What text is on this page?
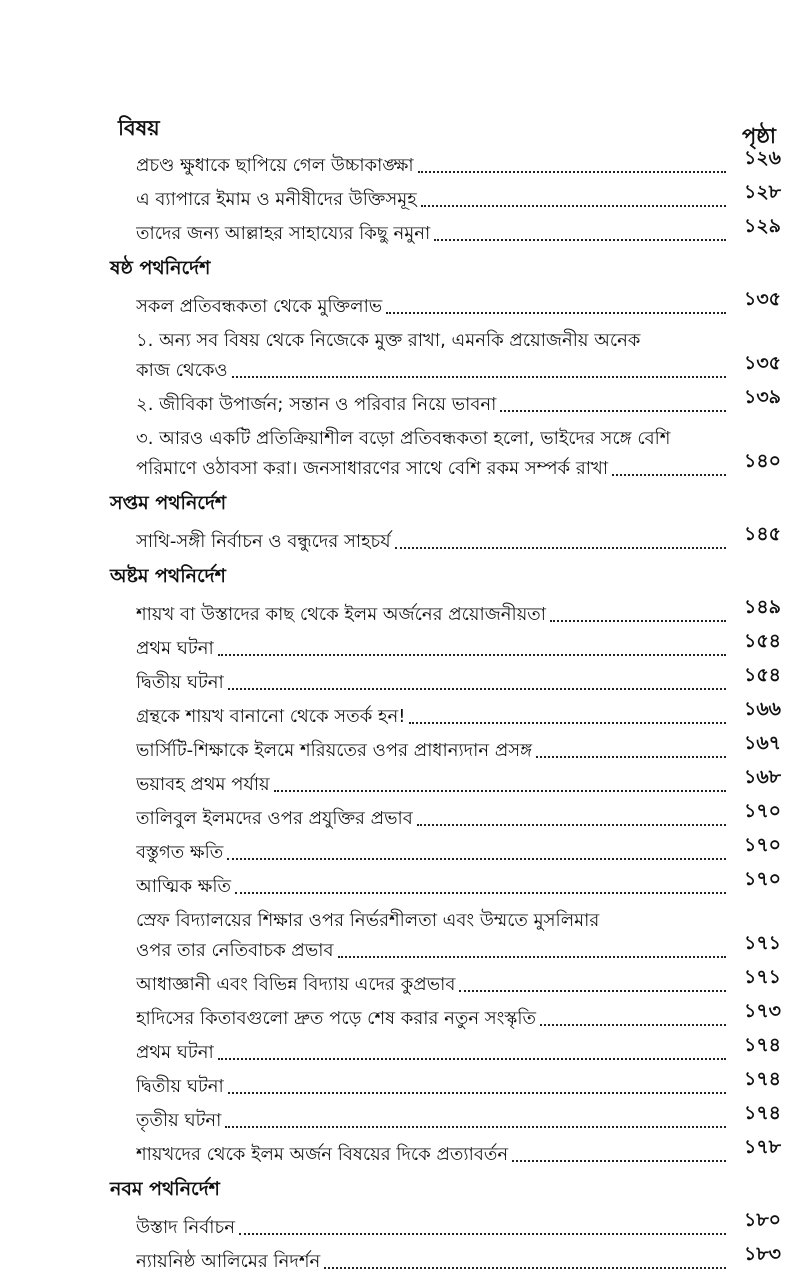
বিষয়	পৃষ্ঠা
প্রচণ্ড ক্ষুধাকে ছাপিয়ে গেল উচ্চাকাঙ্ক্ষা	১২৬
এ ব্যাপারে ইমাম ও মনীষীদের উক্তিসমূহ	১২৮
তাদের জন্য আল্লাহর সাহায্যের কিছু নমুনা	১২৯
ষষ্ঠ পথনির্দেশ
সকল প্রতিবন্ধকতা থেকে মুক্তিলাভ	১৩৫
১. অন্য সব বিষয় থেকে নিজেকে মুক্ত রাখা, এমনকি প্রয়োজনীয় অনেক
কাজ থেকেও	১৩৫
২. জীবিকা উপার্জন; সন্তান ও পরিবার নিয়ে ভাবনা	১৩৯
৩. আরও একটি প্রতিক্রিয়াশীল বড়ো প্রতিবন্ধকতা হলো, ভাইদের সঙ্গে বেশি
পরিমাণে ওঠাবসা করা। জনসাধারণের সাথে বেশি রকম সম্পর্ক রাখা	১৪০
সপ্তম পথনির্দেশ
সাথি-সঙ্গী নির্বাচন ও বন্ধুদের সাহচর্য	১৪৫
অষ্টম পথনির্দেশ
শায়খ বা উস্তাদের কাছ থেকে ইলম অর্জনের প্রয়োজনীয়তা	১৪৯
প্রথম ঘটনা	১৫৪
দ্বিতীয় ঘটনা	১৫৪
গ্রন্থকে শায়খ বানানো থেকে সতর্ক হন!	১৬৬
ভার্সিটি-শিক্ষাকে ইলমে শরিয়তের ওপর প্রাধান্যদান প্রসঙ্গ	১৬৭
ভয়াবহ প্রথম পর্যায়	১৬৮
তালিবুল ইলমদের ওপর প্রযুক্তির প্রভাব	১৭০
বস্তুগত ক্ষতি	১৭০
আত্মিক ক্ষতি	১৭০
স্রেফ বিদ্যালয়ের শিক্ষার ওপর নির্ভরশীলতা এবং উম্মতে মুসলিমার
ওপর তার নেতিবাচক প্রভাব	১৭১
আধাজ্ঞানী এবং বিভিন্ন বিদ্যায় এদের কুপ্রভাব	১৭১
হাদিসের কিতাবগুলো দ্রুত পড়ে শেষ করার নতুন সংস্কৃতি	১৭৩
প্রথম ঘটনা	১৭৪
দ্বিতীয় ঘটনা	১৭৪
তৃতীয় ঘটনা	১৭৪
শায়খদের থেকে ইলম অর্জন বিষয়ের দিকে প্রত্যাবর্তন	১৭৮
নবম পথনির্দেশ
উস্তাদ নির্বাচন	১৮০
ন্যায়নিষ্ঠ আলিমের নিদর্শন	১৮৩
